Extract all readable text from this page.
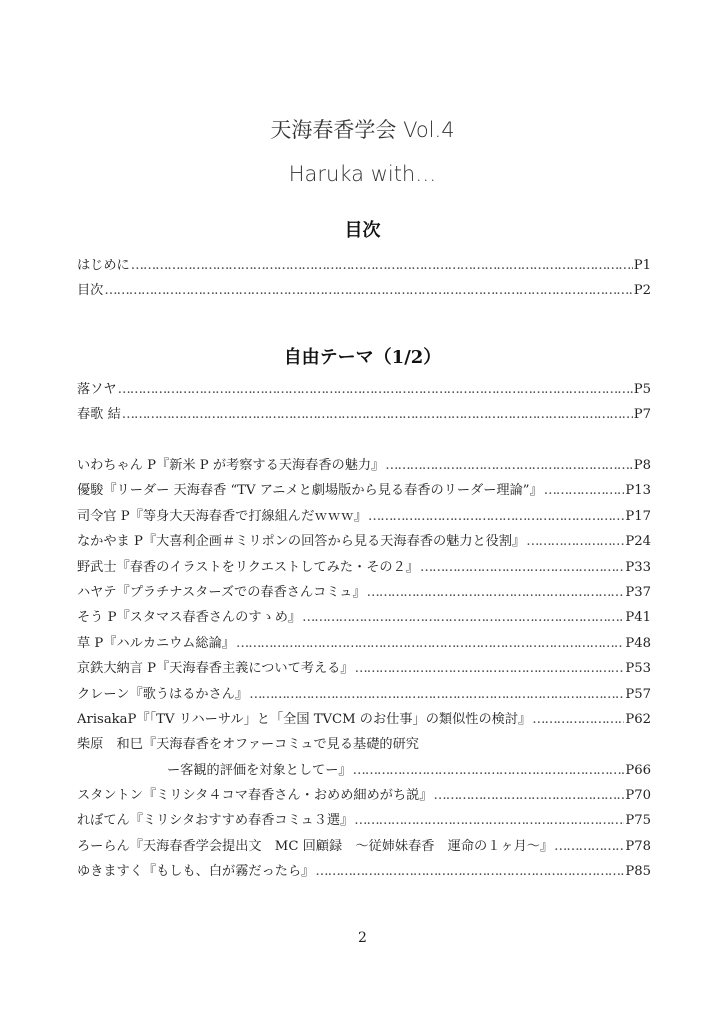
天海春香学会 Vol.4
Haruka with…
目次
はじめに …………………………………………………………………………………………………………………………	P1
目次 …………………………………………………………………………………………………………………………	P2
自由テーマ（1/2）
落ソヤ …………………………………………………………………………………………………………………………	P5
春歌 結 …………………………………………………………………………………………………………………………	P7
いわちゃん P『新米 P が考察する天海春香の魅力』 …………………………………………………………………………………………………………………………	P8
優駿『リーダー 天海春香 “TV アニメと劇場版から見る春香のリーダー理論”』 …………………………………………………………………………………………………………………………	P13
司令官 P『等身大天海春香で打線組んだｗｗｗ』 …………………………………………………………………………………………………………………………	P17
なかやま P『大喜利企画＃ミリポンの回答から見る天海春香の魅力と役割』 …………………………………………………………………………………………………………………………	P24
野武士『春香のイラストをリクエストしてみた・その２』 …………………………………………………………………………………………………………………………	P33
ハヤテ『プラチナスターズでの春香さんコミュ』 …………………………………………………………………………………………………………………………	P37
そう P『スタマス春香さんのすゝめ』 …………………………………………………………………………………………………………………………	P41
草 P『ハルカニウム総論』 …………………………………………………………………………………………………………………………	P48
京鉄大納言 P『天海春香主義について考える』 …………………………………………………………………………………………………………………………	P53
クレーン『歌うはるかさん』 …………………………………………………………………………………………………………………………	P57
ArisakaP『「TV リハーサル」と「全国 TVCM のお仕事」の類似性の検討』 …………………………………………………………………………………………………………………………	P62
柴原　和巳『天海春香をオファーコミュで見る基礎的研究
ー客観的評価を対象としてー』 …………………………………………………………………………………………………………………………	P66
スタントン『ミリシタ４コマ春香さん・おめめ細めがち説』 …………………………………………………………………………………………………………………………	P70
れぼてん『ミリシタおすすめ春香コミュ３選』 …………………………………………………………………………………………………………………………	P75
ろーらん『天海春香学会提出文　MC 回顧録　～従姉妹春香　運命の１ヶ月～』 …………………………………………………………………………………………………………………………	P78
ゆきますく『もしも、白が霧だったら』 …………………………………………………………………………………………………………………………	P85
2
